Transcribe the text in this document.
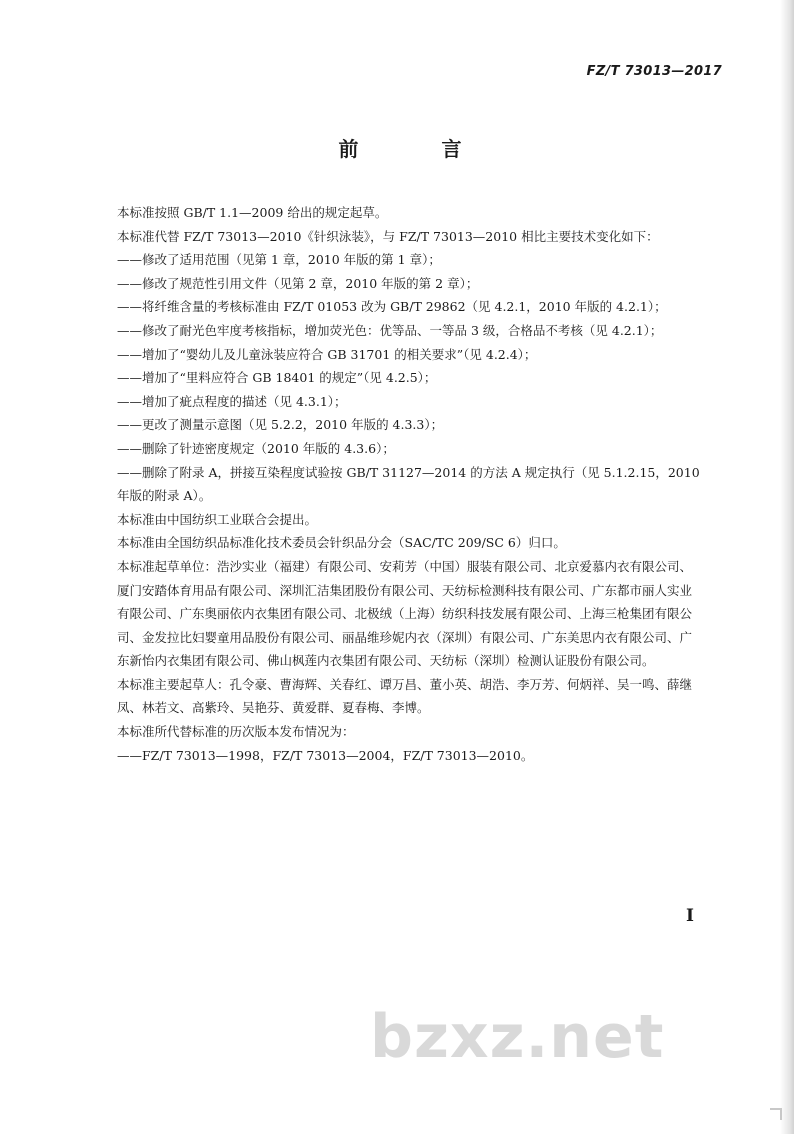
FZ/T 73013—2017
前 言

本标准按照 GB/T 1.1—2009 给出的规定起草。

本标准代替 FZ/T 73013—2010《针织泳装》，与 FZ/T 73013—2010 相比主要技术变化如下：

——修改了适用范围（见第 1 章，2010 年版的第 1 章）；

——修改了规范性引用文件（见第 2 章，2010 年版的第 2 章）；

——将纤维含量的考核标准由 FZ/T 01053 改为 GB/T 29862（见 4.2.1，2010 年版的 4.2.1）；

——修改了耐光色牢度考核指标，增加荧光色：优等品、一等品 3 级，合格品不考核（见 4.2.1）；

——增加了“婴幼儿及儿童泳装应符合 GB 31701 的相关要求”（见 4.2.4）；

——增加了“里料应符合 GB 18401 的规定”（见 4.2.5）；

——增加了疵点程度的描述（见 4.3.1）；

——更改了测量示意图（见 5.2.2，2010 年版的 4.3.3）；

——删除了针迹密度规定（2010 年版的 4.3.6）；

——删除了附录 A，拼接互染程度试验按 GB/T 31127—2014 的方法 A 规定执行（见 5.1.2.15，2010 年版的附录 A）。

本标准由中国纺织工业联合会提出。

本标准由全国纺织品标准化技术委员会针织品分会（SAC/TC 209/SC 6）归口。

本标准起草单位：浩沙实业（福建）有限公司、安莉芳（中国）服装有限公司、北京爱慕内衣有限公司、厦门安踏体育用品有限公司、深圳汇洁集团股份有限公司、天纺标检测科技有限公司、广东都市丽人实业有限公司、广东奥丽依内衣集团有限公司、北极绒（上海）纺织科技发展有限公司、上海三枪集团有限公司、金发拉比妇婴童用品股份有限公司、丽晶维珍妮内衣（深圳）有限公司、广东美思内衣有限公司、广东新怡内衣集团有限公司、佛山枫莲内衣集团有限公司、天纺标（深圳）检测认证股份有限公司。

本标准主要起草人：孔令豪、曹海辉、关春红、谭万昌、董小英、胡浩、李万芳、何炳祥、吴一鸣、薛继凤、林若文、高紫玲、吴艳芬、黄爱群、夏春梅、李博。

本标准所代替标准的历次版本发布情况为：

——FZ/T 73013—1998，FZ/T 73013—2004，FZ/T 73013—2010。

I
bzxz.net
